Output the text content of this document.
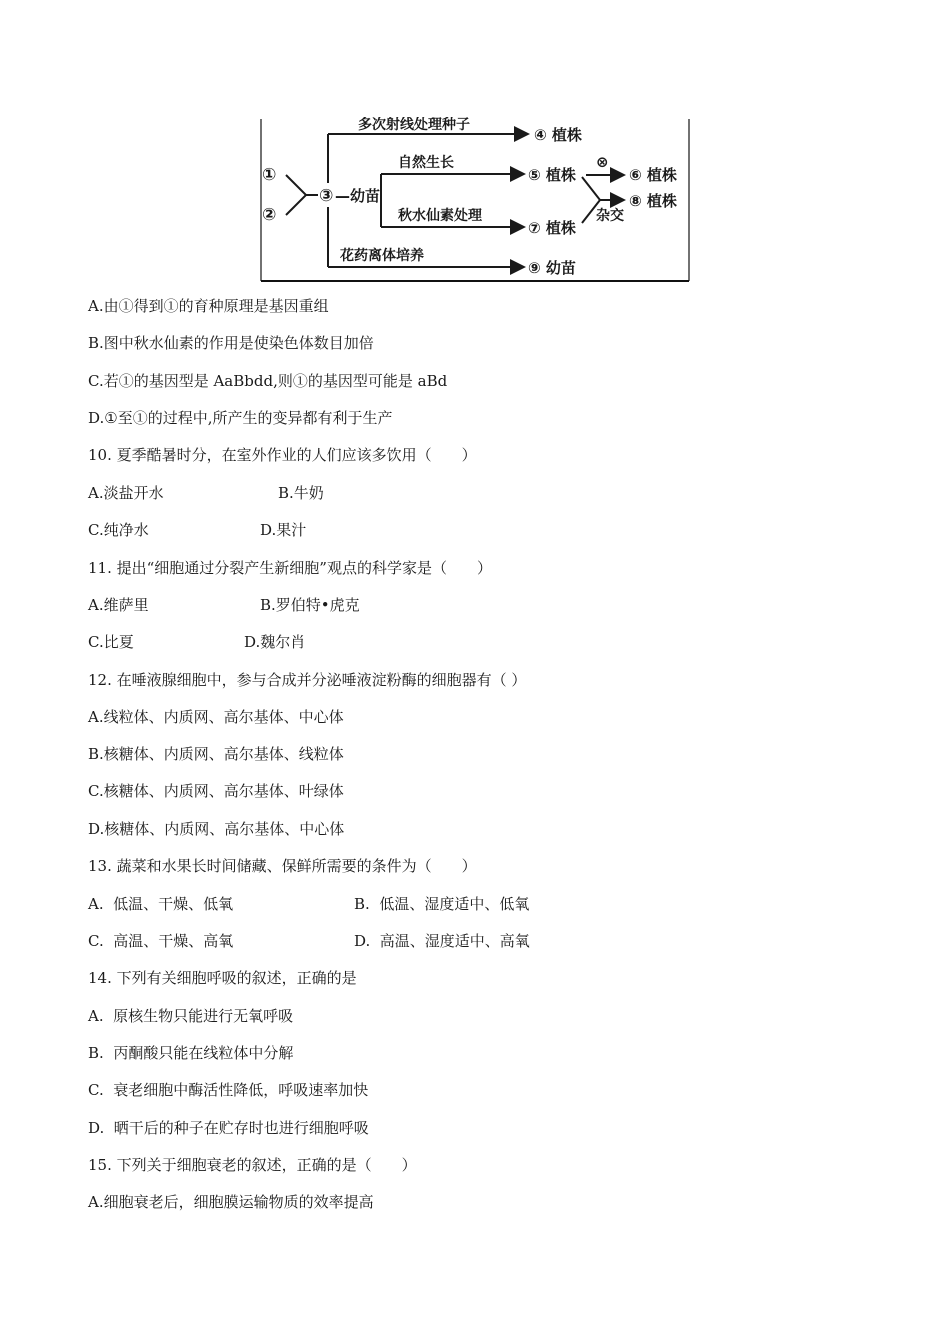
①
②
③ —幼苗
多次射线处理种子
④ 植株
自然生长
⑤ 植株
秋水仙素处理
⑦ 植株
⊗
⑥ 植株
杂交
⑧ 植株
花药离体培养
⑨ 幼苗
A.由①得到①的育种原理是基因重组
B.图中秋水仙素的作用是使染色体数目加倍
C.若①的基因型是 AaBbdd,则①的基因型可能是 aBd
D.①至①的过程中,所产生的变异都有利于生产
10. 夏季酷暑时分，在室外作业的人们应该多饮用（　　）
A.淡盐开水	B.牛奶
C.纯净水	D.果汁
11. 提出“细胞通过分裂产生新细胞”观点的科学家是（　　）
A.维萨里	B.罗伯特•虎克
C.比夏	D.魏尔肖
12. 在唾液腺细胞中，参与合成并分泌唾液淀粉酶的细胞器有（ ）
A.线粒体、内质网、高尔基体、中心体
B.核糖体、内质网、高尔基体、线粒体
C.核糖体、内质网、高尔基体、叶绿体
D.核糖体、内质网、高尔基体、中心体
13. 蔬菜和水果长时间储藏、保鲜所需要的条件为（　　）
A.  低温、干燥、低氧	B.  低温、湿度适中、低氧
C.  高温、干燥、高氧	D.  高温、湿度适中、高氧
14. 下列有关细胞呼吸的叙述，正确的是
A.  原核生物只能进行无氧呼吸
B.  丙酮酸只能在线粒体中分解
C.  衰老细胞中酶活性降低，呼吸速率加快
D.  晒干后的种子在贮存时也进行细胞呼吸
15. 下列关于细胞衰老的叙述，正确的是（　　）
A.细胞衰老后，细胞膜运输物质的效率提高
